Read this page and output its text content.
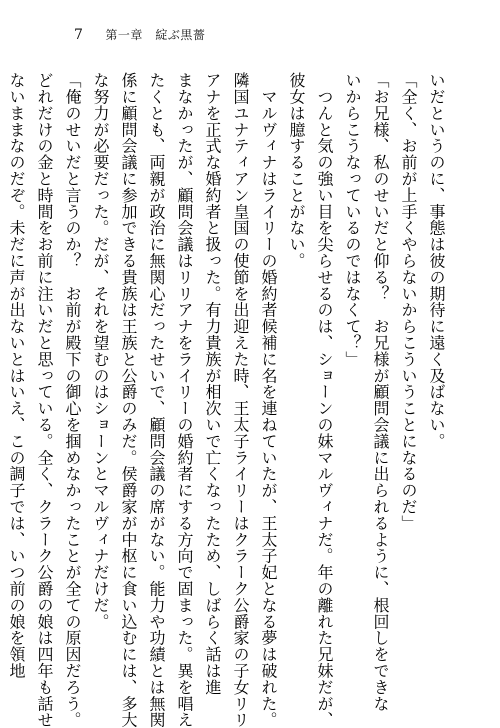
7 第一章　綻ぶ黒薔
いだというのに、事態は彼の期待に遠く及ばない。
「全く、お前が上手くやらないからこういうことになるのだ」
「お兄様、私のせいだと仰る？　お兄様が顧問会議に出られるように、根回しをできな
いからこうなっているのではなくて？」
　つんと気の強い目を尖らせるのは、ショーンの妹マルヴィナだ。年の離れた兄妹だが、
彼女は臆することがない。
　マルヴィナはライリーの婚約者候補に名を連ねていたが、王太子妃となる夢は破れた。
隣国ユナティアン皇国の使節を出迎えた時、王太子ライリーはクラーク公爵家の子女リリ
アナを正式な婚約者と扱った。有力貴族が相次いで亡くなったため、しばらく話は進
まなかったが、顧問会議はリリアナをライリーの婚約者にする方向で固まった。異を唱え
たくとも、両親が政治に無関心だったせいで、顧問会議の席がない。能力や功績とは無関
係に顧問会議に参加できる貴族は王族と公爵のみだ。侯爵家が中枢に食い込むには、多大
な努力が必要だった。だが、それを望むのはショーンとマルヴィナだけだ。
「俺のせいだと言うのか？　お前が殿下の御心を掴めなかったことが全ての原因だろう。
どれだけの金と時間をお前に注いだと思っている。全く、クラーク公爵の娘は四年も話せ
ないままなのだぞ。未だに声が出ないとはいえ、この調子では、いつ前の娘を領地
